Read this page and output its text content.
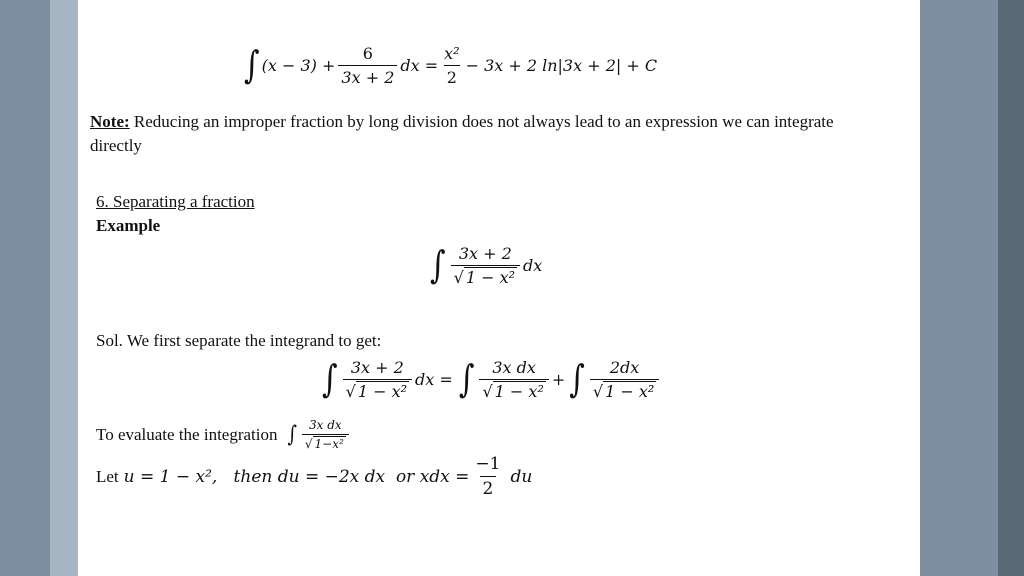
∫ $(x - 3) + \frac{6}{3x + 2}$ dx = $\frac{\text{x²}}{2} - 3x + 2$ ln|3x + 2| + C
Note: Reducing an improper fraction by long division does not always lead to an expression we can integrate directly
6. Separating a fraction
Example
∫ $\frac{3x + 2}{\text{√ 1 − x²}}$ dx
Sol. We first separate the integrand to get:
∫ $\frac{3x + 2}{\text{√ 1 − x²}}$ dx = ∫ $\frac{\text{3x dx}}{\text{√ 1 − x²}}$ + ∫ $\frac{2dx}{\text{√ 1 − x²}}$
To evaluate the integration ∫ $\frac{\text{3x dx}}{\text{√ 1−x²}}$
Let u = 1 − x²,   then du = −2x dx  or xdx = $\frac{-1}{2}$ du
